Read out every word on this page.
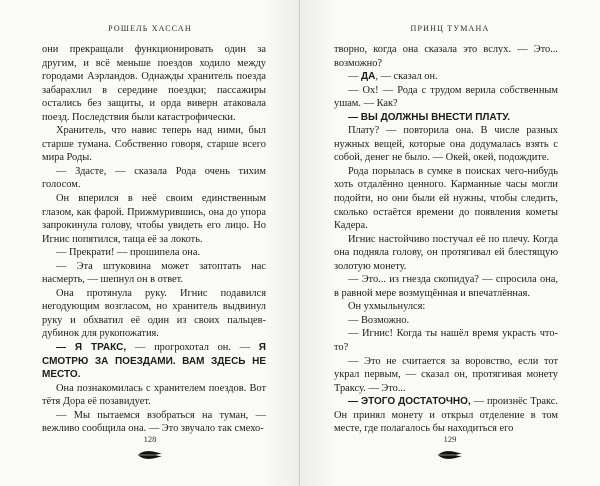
РОШЕЛЬ ХАССАН

они прекращали функционировать один за другим, и всё меньше поездов ходило между городами Аэрландов. Однажды хранитель поезда забарахлил в середине поездки; пассажиры остались без защиты, и орда виверн атаковала поезд. Последствия были катастрофически.

Хранитель, что навис теперь над ними, был старше тумана. Собственно говоря, старше всего мира Роды.

— Здасте, — сказала Рода очень тихим голосом.

Он вперился в неё своим единственным глазом, как фарой. Прижмурившись, она до упора запрокинула голову, чтобы увидеть его лицо. Но Игнис попятился, таща её за локоть.

— Прекрати! — прошипела она.

— Эта штуковина может затоптать нас насмерть, — шепнул он в ответ.

Она протянула руку. Игнис подавился негодующим возгласом, но хранитель выдвинул руку и обхватил её один из своих пальцев-дубинок для рукопожатия.

— Я ТРАКС, — прогрохотал он. — Я СМОТРЮ ЗА ПОЕЗДАМИ. ВАМ ЗДЕСЬ НЕ МЕСТО.

Она познакомилась с хранителем поездов. Вот тётя Дора её позавидует.

— Мы пытаемся взобраться на туман, — вежливо сообщила она. — Это звучало так смехо-

128
ПРИНЦ ТУМАНА

творно, когда она сказала это вслух. — Это... возможно?

— ДА, — сказал он.

— Ох! — Рода с трудом верила собственным ушам. — Как?

— ВЫ ДОЛЖНЫ ВНЕСТИ ПЛАТУ.

Плату? — повторила она. В числе разных нужных вещей, которые она додумалась взять с собой, денег не было. — Окей, окей, подождите.

Рода порылась в сумке в поисках чего-нибудь хоть отдалённо ценного. Карманные часы могли подойти, но они были ей нужны, чтобы следить, сколько остаётся времени до появления кометы Кадера.

Игнис настойчиво постучал её по плечу. Когда она подняла голову, он протягивал ей блестящую золотую монету.

— Это... из гнезда скопидуа? — спросила она, в равной мере возмущённая и впечатлённая.

Он ухмыльнулся:

— Возможно.

— Игнис! Когда ты нашёл время украсть что-то?

— Это не считается за воровство, если тот украл первым, — сказал он, протягивая монету Траксу. — Это...

— ЭТОГО ДОСТАТОЧНО, — произнёс Тракс. Он принял монету и открыл отделение в том месте, где полагалось бы находиться его

129
